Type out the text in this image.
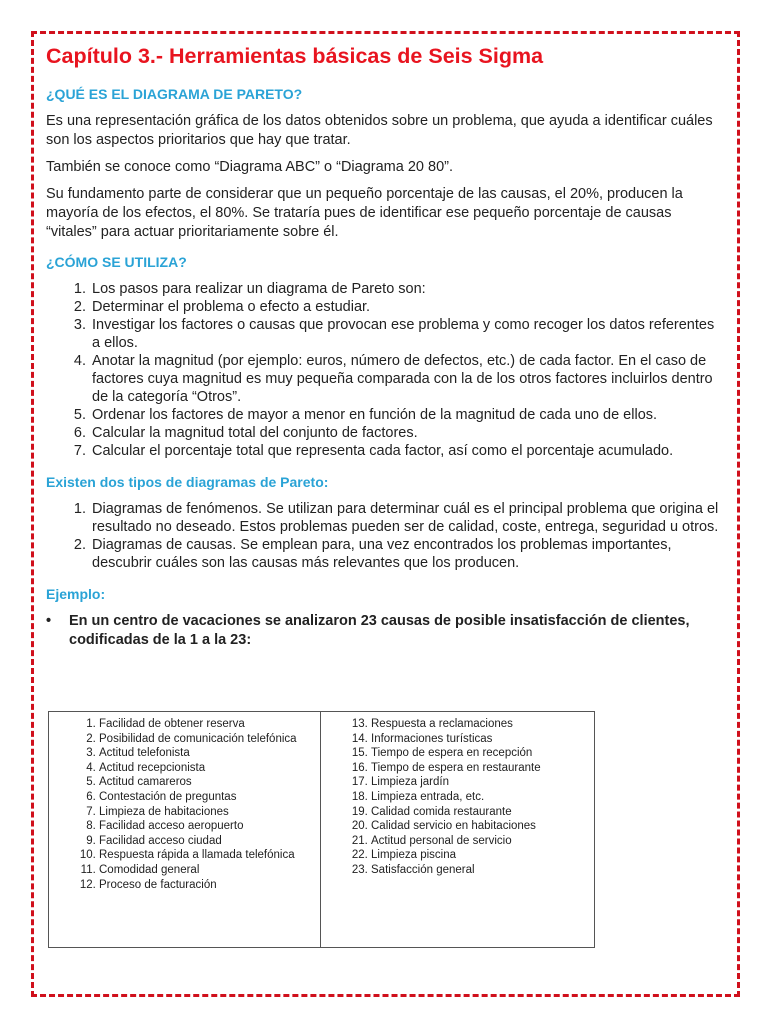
Capítulo 3.- Herramientas básicas de Seis Sigma
¿QUÉ ES EL DIAGRAMA DE PARETO?

Es una representación gráfica de los datos obtenidos sobre un problema, que ayuda a identificar cuáles son los aspectos prioritarios que hay que tratar.

También se conoce como “Diagrama ABC” o “Diagrama 20 80”.

Su fundamento parte de considerar que un pequeño porcentaje de las causas, el 20%, producen la mayoría de los efectos, el 80%. Se trataría pues de identificar ese pequeño porcentaje de causas “vitales” para actuar prioritariamente sobre él.

¿CÓMO SE UTILIZA?
1. Los pasos para realizar un diagrama de Pareto son:
2. Determinar el problema o efecto a estudiar.
3. Investigar los factores o causas que provocan ese problema y como recoger los datos referentes a ellos.
4. Anotar la magnitud (por ejemplo: euros, número de defectos, etc.) de cada factor. En el caso de factores cuya magnitud es muy pequeña comparada con la de los otros factores incluirlos dentro de la categoría “Otros”.
5. Ordenar los factores de mayor a menor en función de la magnitud de cada uno de ellos.
6. Calcular la magnitud total del conjunto de factores.
7. Calcular el porcentaje total que representa cada factor, así como el porcentaje acumulado.
Existen dos tipos de diagramas de Pareto:
1. Diagramas de fenómenos. Se utilizan para determinar cuál es el principal problema que origina el resultado no deseado. Estos problemas pueden ser de calidad, coste, entrega, seguridad u otros.
2. Diagramas de causas. Se emplean para, una vez encontrados los problemas importantes, descubrir cuáles son las causas más relevantes que los producen.
Ejemplo:
• En un centro de vacaciones se analizaron 23 causas de posible insatisfacción de clientes, codificadas de la 1 a la 23:
1. Facilidad de obtener reserva
2. Posibilidad de comunicación telefónica
3. Actitud telefonista
4. Actitud recepcionista
5. Actitud camareros
6. Contestación de preguntas
7. Limpieza de habitaciones
8. Facilidad acceso aeropuerto
9. Facilidad acceso ciudad
10. Respuesta rápida a llamada telefónica
11. Comodidad general
12. Proceso de facturación
13. Respuesta a reclamaciones
14. Informaciones turísticas
15. Tiempo de espera en recepción
16. Tiempo de espera en restaurante
17. Limpieza jardín
18. Limpieza entrada, etc.
19. Calidad comida restaurante
20. Calidad servicio en habitaciones
21. Actitud personal de servicio
22. Limpieza piscina
23. Satisfacción general
